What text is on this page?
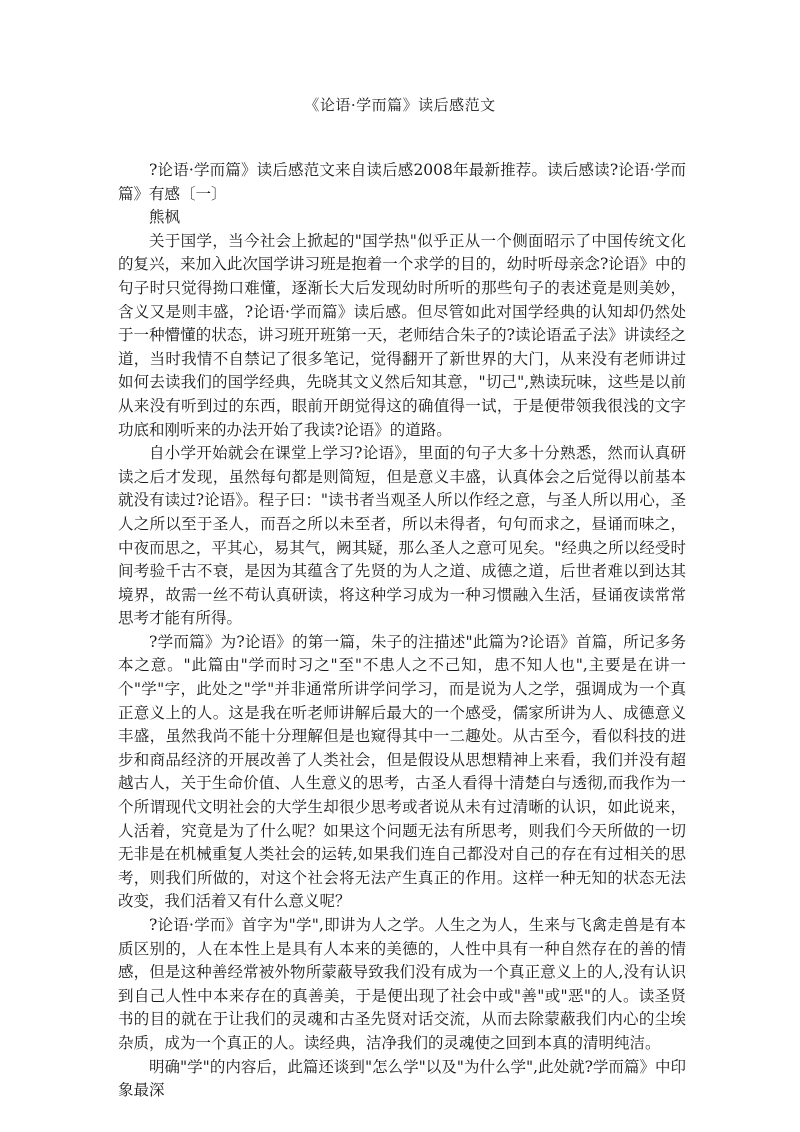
《论语·学而篇》读后感范文

?论语·学而篇》读后感范文来自读后感2008年最新推荐。读后感读?论语·学而篇》有感〔一〕

熊枫

关于国学，当今社会上掀起的"国学热"似乎正从一个侧面昭示了中国传统文化的复兴，来加入此次国学讲习班是抱着一个求学的目的，幼时听母亲念?论语》中的句子时只觉得拗口难懂，逐渐长大后发现幼时所听的那些句子的表述竟是则美妙，含义又是则丰盛，?论语·学而篇》读后感。但尽管如此对国学经典的认知却仍然处于一种懵懂的状态，讲习班开班第一天，老师结合朱子的?读论语孟子法》讲读经之道，当时我情不自禁记了很多笔记，觉得翻开了新世界的大门，从来没有老师讲过如何去读我们的国学经典，先晓其文义然后知其意，"切己",熟读玩味，这些是以前从来没有听到过的东西，眼前开朗觉得这的确值得一试，于是便带领我很浅的文字功底和刚听来的办法开始了我读?论语》的道路。

自小学开始就会在课堂上学习?论语》，里面的句子大多十分熟悉，然而认真研读之后才发现，虽然每句都是则简短，但是意义丰盛，认真体会之后觉得以前基本就没有读过?论语》。程子曰："读书者当观圣人所以作经之意，与圣人所以用心，圣人之所以至于圣人，而吾之所以未至者，所以未得者，句句而求之，昼诵而味之，中夜而思之，平其心，易其气，阙其疑，那么圣人之意可见矣。"经典之所以经受时间考验千古不衰，是因为其蕴含了先贤的为人之道、成德之道，后世者难以到达其境界，故需一丝不苟认真研读，将这种学习成为一种习惯融入生活，昼诵夜读常常思考才能有所得。

?学而篇》为?论语》的第一篇，朱子的注描述"此篇为?论语》首篇，所记多务本之意。"此篇由"学而时习之"至"不患人之不己知，患不知人也",主要是在讲一个"学"字，此处之"学"并非通常所讲学问学习，而是说为人之学，强调成为一个真正意义上的人。这是我在听老师讲解后最大的一个感受，儒家所讲为人、成德意义丰盛，虽然我尚不能十分理解但是也窥得其中一二趣处。从古至今，看似科技的进步和商品经济的开展改善了人类社会，但是假设从思想精神上来看，我们并没有超越古人，关于生命价值、人生意义的思考，古圣人看得十清楚白与透彻,而我作为一个所谓现代文明社会的大学生却很少思考或者说从未有过清晰的认识，如此说来，人活着，究竟是为了什么呢？如果这个问题无法有所思考，则我们今天所做的一切无非是在机械重复人类社会的运转,如果我们连自己都没对自己的存在有过相关的思考，则我们所做的，对这个社会将无法产生真正的作用。这样一种无知的状态无法改变，我们活着又有什么意义呢？

?论语·学而》首字为"学",即讲为人之学。人生之为人，生来与飞禽走兽是有本质区别的，人在本性上是具有人本来的美德的，人性中具有一种自然存在的善的情感，但是这种善经常被外物所蒙蔽导致我们没有成为一个真正意义上的人,没有认识到自己人性中本来存在的真善美，于是便出现了社会中或"善"或"恶"的人。读圣贤书的目的就在于让我们的灵魂和古圣先贤对话交流，从而去除蒙蔽我们内心的尘埃杂质，成为一个真正的人。读经典，洁净我们的灵魂使之回到本真的清明纯洁。

明确"学"的内容后，此篇还谈到"怎么学"以及"为什么学",此处就?学而篇》中印象最深
